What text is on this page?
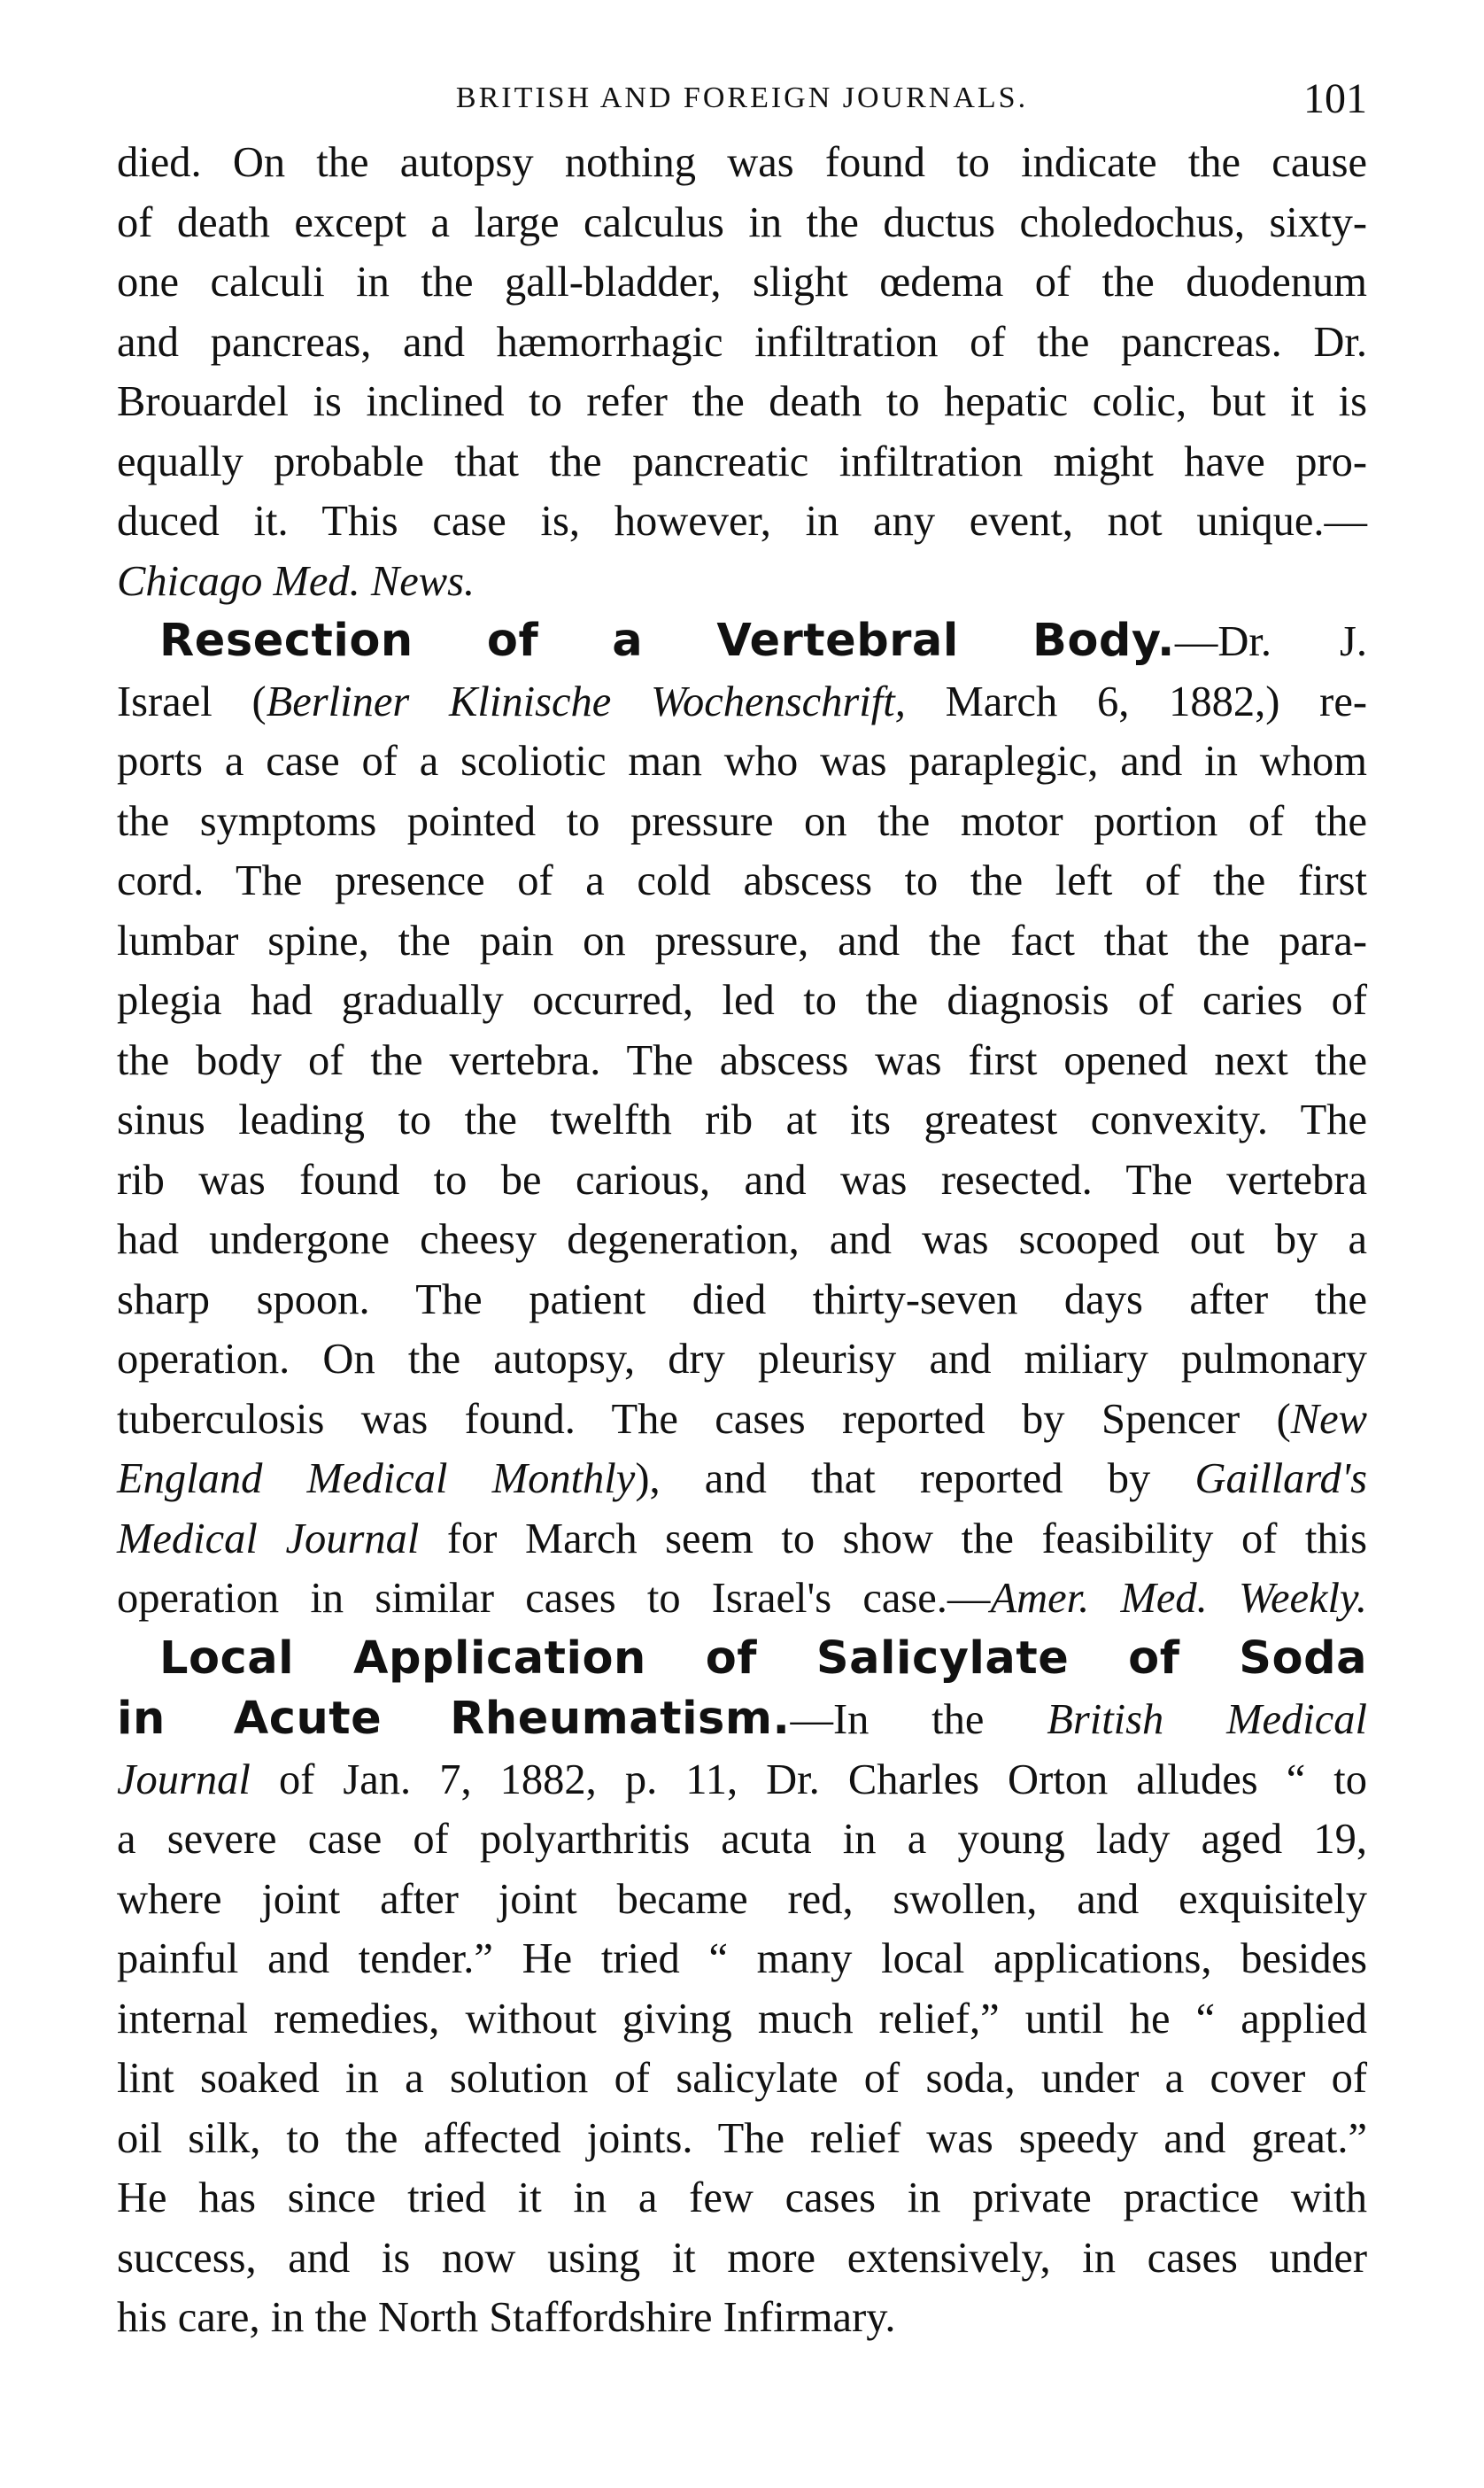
BRITISH AND FOREIGN JOURNALS.	101
died. On the autopsy nothing was found to indicate the cause
of death except a large calculus in the ductus choledochus, sixty-
one calculi in the gall-bladder, slight œdema of the duodenum
and pancreas, and hæmorrhagic infiltration of the pancreas. Dr.
Brouardel is inclined to refer the death to hepatic colic, but it is
equally probable that the pancreatic infiltration might have pro-
duced it. This case is, however, in any event, not unique.—
Chicago Med. News.
Resection of a Vertebral Body.—Dr. J.
Israel (Berliner Klinische Wochenschrift, March 6, 1882,) re-
ports a case of a scoliotic man who was paraplegic, and in whom
the symptoms pointed to pressure on the motor portion of the
cord. The presence of a cold abscess to the left of the first
lumbar spine, the pain on pressure, and the fact that the para-
plegia had gradually occurred, led to the diagnosis of caries of
the body of the vertebra. The abscess was first opened next the
sinus leading to the twelfth rib at its greatest convexity. The
rib was found to be carious, and was resected. The vertebra
had undergone cheesy degeneration, and was scooped out by a
sharp spoon. The patient died thirty-seven days after the
operation. On the autopsy, dry pleurisy and miliary pulmonary
tuberculosis was found. The cases reported by Spencer (New
England Medical Monthly), and that reported by Gaillard's
Medical Journal for March seem to show the feasibility of this
operation in similar cases to Israel's case.—Amer. Med. Weekly.
Local Application of Salicylate of Soda
in Acute Rheumatism.—In the British Medical
Journal of Jan. 7, 1882, p. 11, Dr. Charles Orton alludes “ to
a severe case of polyarthritis acuta in a young lady aged 19,
where joint after joint became red, swollen, and exquisitely
painful and tender.” He tried “ many local applications, besides
internal remedies, without giving much relief,” until he “ applied
lint soaked in a solution of salicylate of soda, under a cover of
oil silk, to the affected joints. The relief was speedy and great.”
He has since tried it in a few cases in private practice with
success, and is now using it more extensively, in cases under
his care, in the North Staffordshire Infirmary.
